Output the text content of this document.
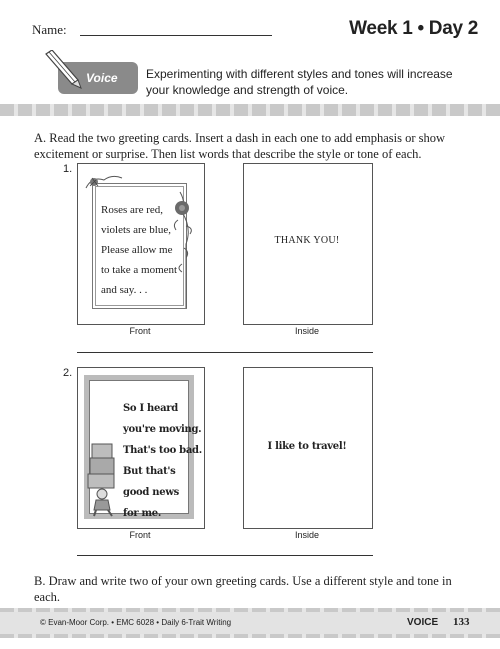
Name:	Week 1 • Day 2
Voice Experimenting with different styles and tones will increase your knowledge and strength of voice.
A. Read the two greeting cards. Insert a dash in each one to add emphasis or show excitement or surprise. Then list words that describe the style or tone of each.
1.
Roses are red,
violets are blue,
Please allow me
to take a moment
and say. . .
THANK YOU!
Front	Inside
2.
So I heard
you're moving.
That's too bad.
But that's
good news
for me.
I like to travel!
Front	Inside
B. Draw and write two of your own greeting cards. Use a different style and tone in each.
© Evan-Moor Corp. • EMC 6028 • Daily 6-Trait Writing	VOICE 133
